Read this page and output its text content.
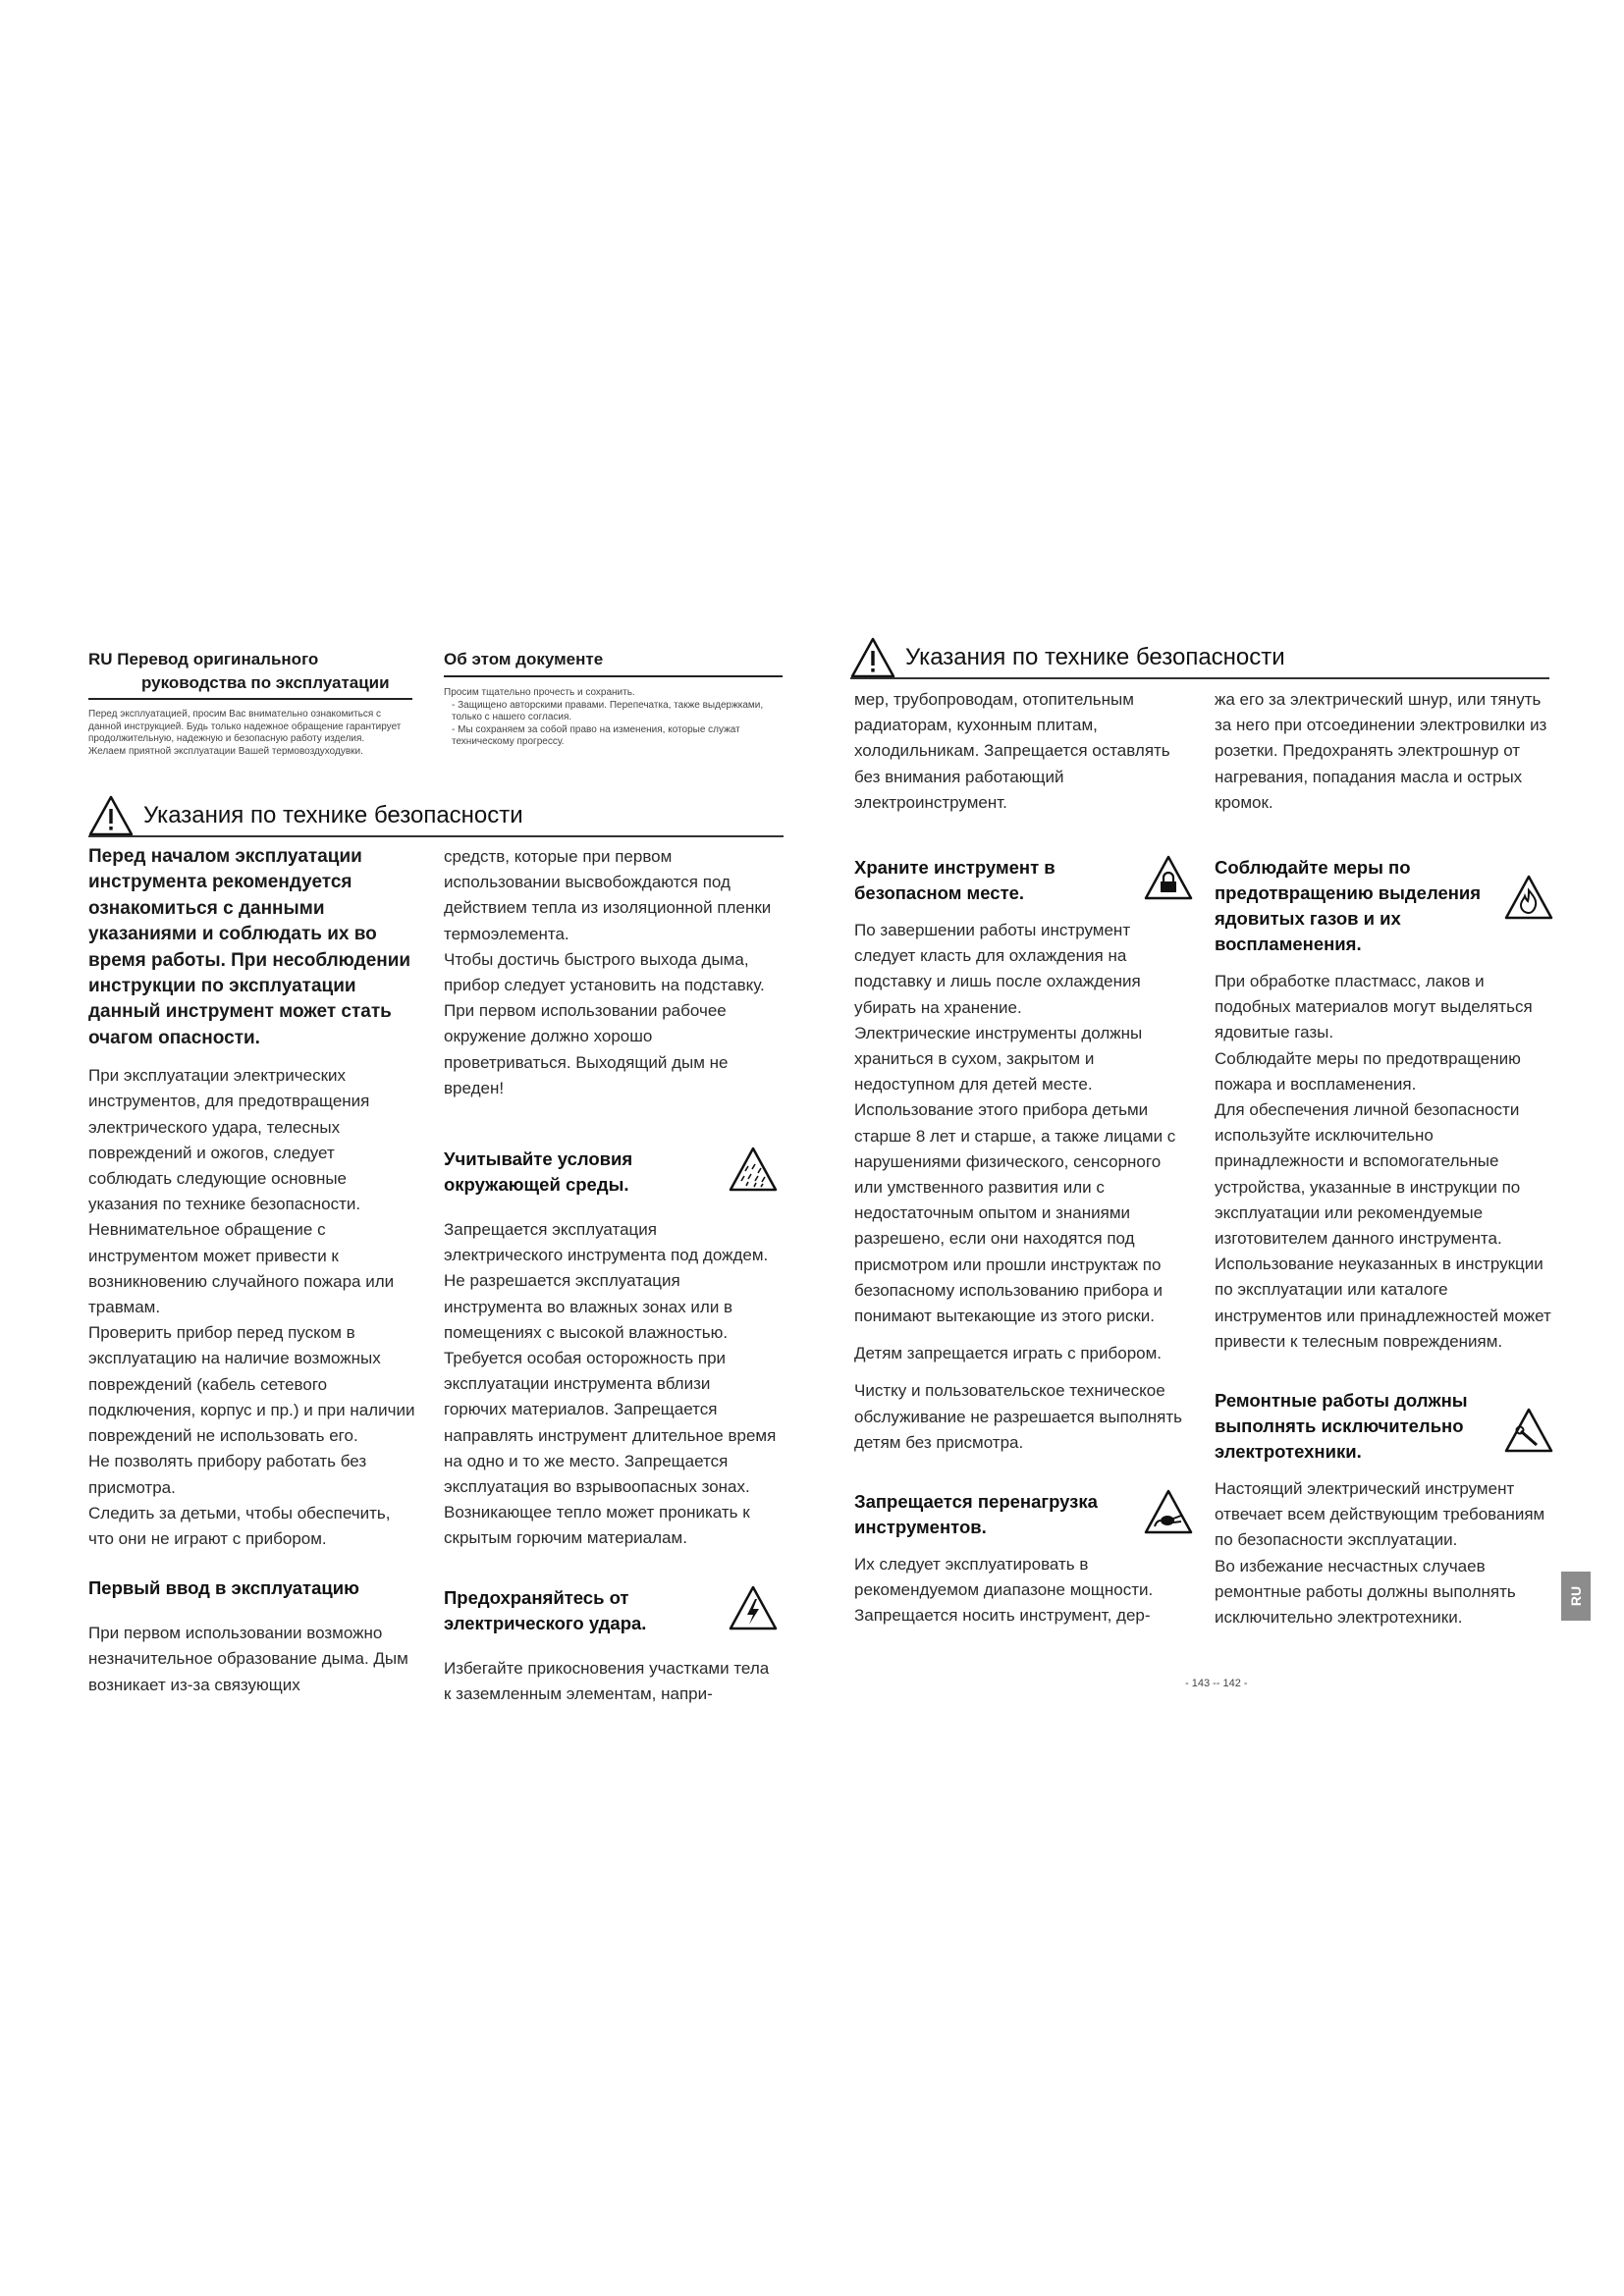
RU Перевод оригинального
руководства по эксплуатации

Перед эксплуатацией, просим Вас внимательно ознакомиться с данной инструкцией. Будь только надежное обращение гарантирует продолжительную, надежную и безопасную работу изделия.

Желаем приятной эксплуатации Вашей термовоздуходувки.

Об этом документе

Просим тщательно прочесть и сохранить.

- Защищено авторскими правами. Перепечатка, также выдержками, только с нашего согласия.

- Мы сохраняем за собой право на изменения, которые служат техническому прогрессу.

Указания по технике безопасности
Указания по технике безопасности

Перед началом эксплуатации инструмента рекомендуется ознакомиться с данными указаниями и соблюдать их во время работы. При несоблюдении инструкции по эксплуатации данный инструмент может стать очагом опасности.

При эксплуатации электрических инструментов, для предотвращения электрического удара, телесных повреждений и ожогов, следует соблюдать следующие основные указания по технике безопасности. Невнимательное обращение с инструментом может привести к возникновению случайного пожара или травмам.

Проверить прибор перед пуском в эксплуатацию на наличие возможных повреждений (кабель сетевого подключения, корпус и пр.) и при наличии повреждений не использовать его.

Не позволять прибору работать без присмотра.

Следить за детьми, чтобы обеспечить, что они не играют с прибором.

Первый ввод в эксплуатацию

При первом использовании возможно незначительное образование дыма. Дым возникает из-за связующих

средств, которые при первом использовании высвобождаются под действием тепла из изоляционной пленки термоэлемента.

Чтобы достичь быстрого выхода дыма, прибор следует установить на подставку. При первом использовании рабочее окружение должно хорошо проветриваться. Выходящий дым не вреден!

Учитывайте условия окружающей среды.

Запрещается эксплуатация электрического инструмента под дождем. Не разрешается эксплуатация инструмента во влажных зонах или в помещениях с высокой влажностью.

Требуется особая осторожность при эксплуатации инструмента вблизи горючих материалов. Запрещается направлять инструмент длительное время на одно и то же место. Запрещается эксплуатация во взрывоопасных зонах. Возникающее тепло может проникать к скрытым горючим материалам.

Предохраняйтесь от электрического удара.

Избегайте прикосновения участками тела к заземленным элементам, напри-

мер, трубопроводам, отопительным радиаторам, кухонным плитам, холодильникам. Запрещается оставлять без внимания работающий электроинструмент.

Храните инструмент в безопасном месте.

По завершении работы инструмент следует класть для охлаждения на подставку и лишь после охлаждения убирать на хранение.

Электрические инструменты должны храниться в сухом, закрытом и недоступном для детей месте.

Использование этого прибора детьми старше 8 лет и старше, а также лицами с нарушениями физического, сенсорного или умственного развития или с недостаточным опытом и знаниями разрешено, если они находятся под присмотром или прошли инструктаж по безопасному использованию прибора и понимают вытекающие из этого риски.

Детям запрещается играть с прибором.

Чистку и пользовательское техническое обслуживание не разрешается выполнять детям без присмотра.

Запрещается перенагрузка инструментов.

Их следует эксплуатировать в рекомендуемом диапазоне мощности. Запрещается носить инструмент, дер-

жа его за электрический шнур, или тянуть за него при отсоединении электровилки из розетки. Предохранять электрошнур от нагревания, попадания масла и острых кромок.

Соблюдайте меры по предотвращению выделения ядовитых газов и их воспламенения.

При обработке пластмасс, лаков и подобных материалов могут выделяться ядовитые газы.

Соблюдайте меры по предотвращению пожара и воспламенения.

Для обеспечения личной безопасности используйте исключительно принадлежности и вспомогательные устройства, указанные в инструкции по эксплуатации или рекомендуемые изготовителем данного инструмента.

Использование неуказанных в инструкции по эксплуатации или каталоге инструментов или принадлежностей может привести к телесным повреждениям.

Ремонтные работы должны выполнять исключительно электротехники.

Настоящий электрический инструмент отвечает всем действующим требованиям по безопасности эксплуатации.

Во избежание несчастных случаев ремонтные работы должны выполнять исключительно электротехники.

RU
- 143 -- 142 -
